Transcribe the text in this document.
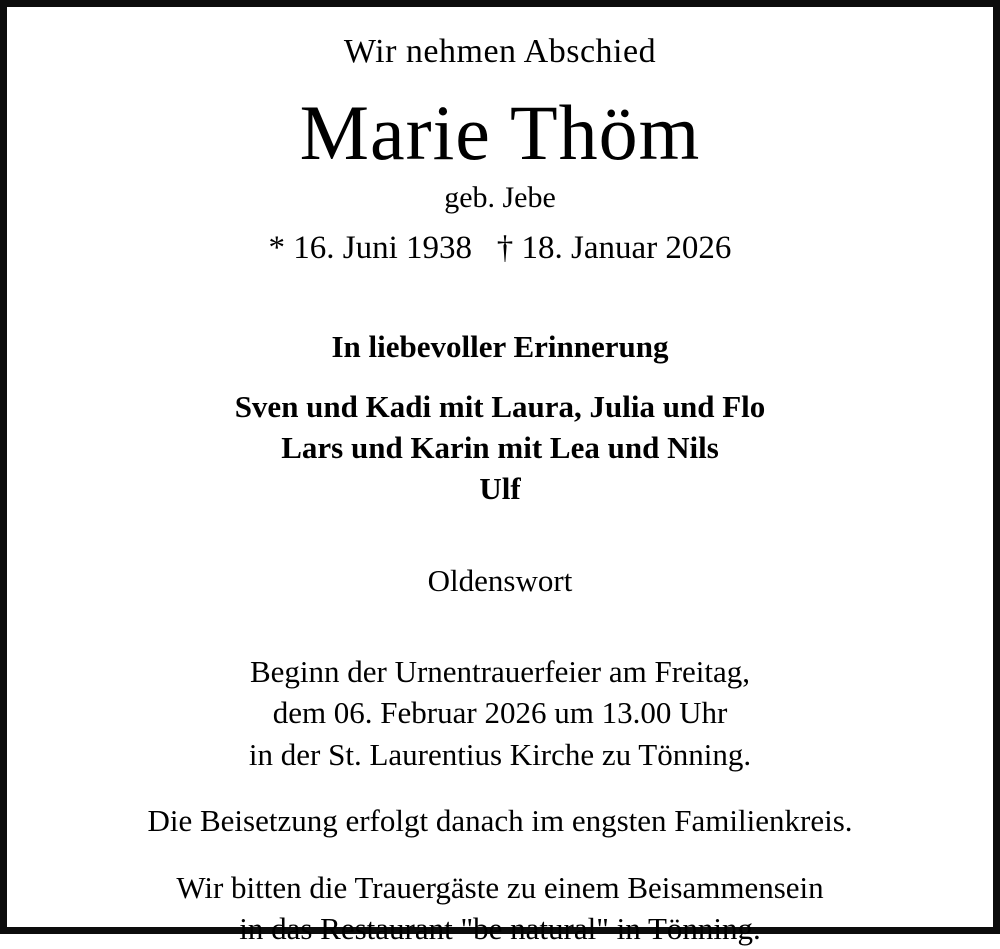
Wir nehmen Abschied
Marie Thöm
geb. Jebe
* 16. Juni 1938   † 18. Januar 2026
In liebevoller Erinnerung
Sven und Kadi mit Laura, Julia und Flo
Lars und Karin mit Lea und Nils
Ulf
Oldenswort
Beginn der Urnentrauerfeier am Freitag,
dem 06. Februar 2026 um 13.00 Uhr
in der St. Laurentius Kirche zu Tönning.
Die Beisetzung erfolgt danach im engsten Familienkreis.
Wir bitten die Trauergäste zu einem Beisammensein
in das Restaurant "be natural" in Tönning.
